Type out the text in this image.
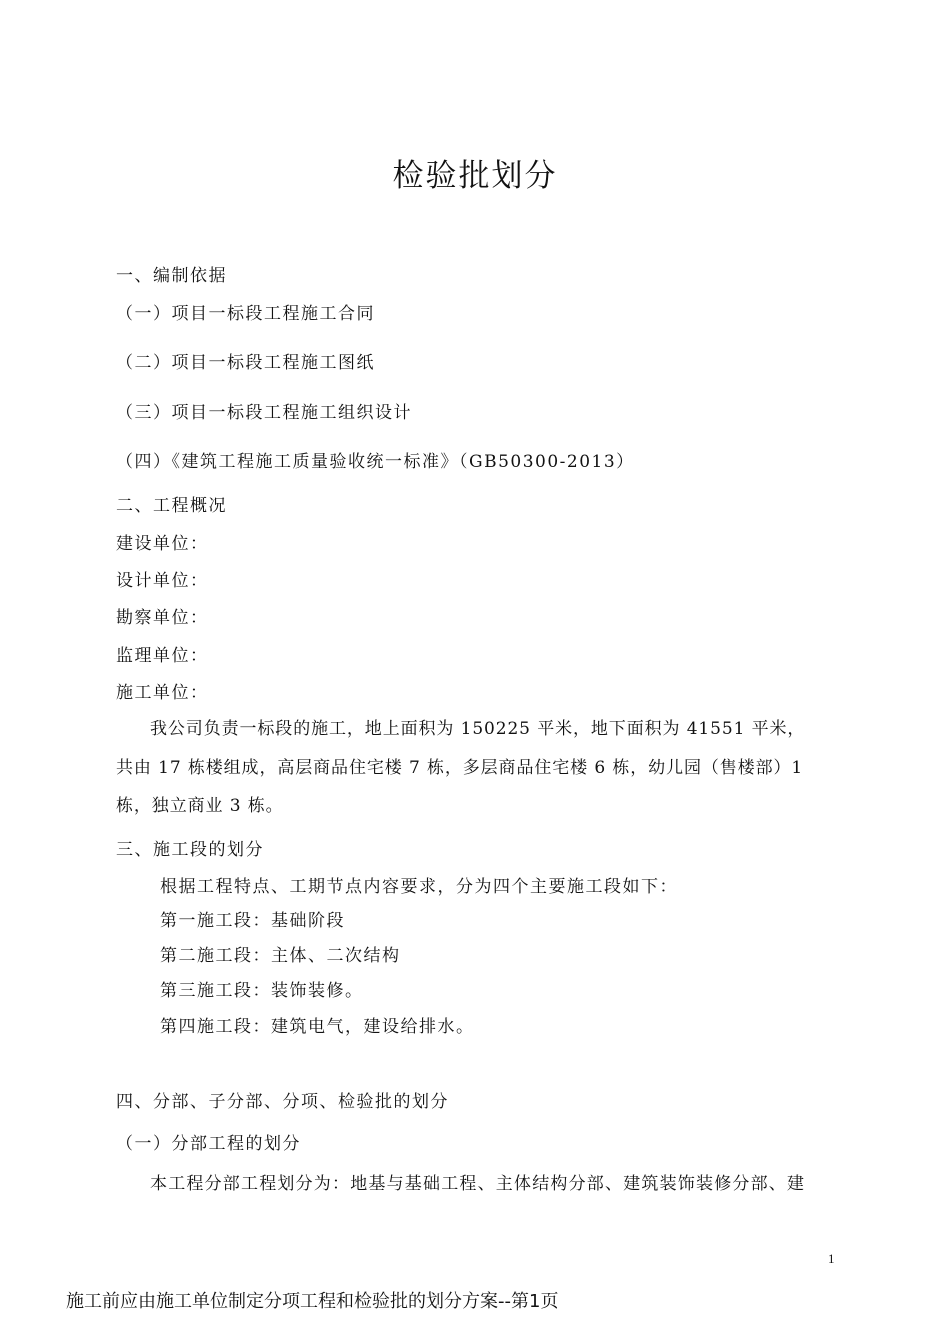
检验批划分
一、编制依据
（一）项目一标段工程施工合同
（二）项目一标段工程施工图纸
（三）项目一标段工程施工组织设计
（四）《建筑工程施工质量验收统一标准》（GB50300-2013）
二、工程概况
建设单位：
设计单位：
勘察单位：
监理单位：
施工单位：
我公司负责一标段的施工，地上面积为 150225 平米，地下面积为 41551 平米，
共由 17 栋楼组成，高层商品住宅楼 7 栋，多层商品住宅楼 6 栋，幼儿园（售楼部）1
栋，独立商业 3 栋。
三、施工段的划分
根据工程特点、工期节点内容要求，分为四个主要施工段如下：
第一施工段：基础阶段
第二施工段：主体、二次结构
第三施工段：装饰装修。
第四施工段：建筑电气，建设给排水。
四、分部、子分部、分项、检验批的划分
（一）分部工程的划分
本工程分部工程划分为：地基与基础工程、主体结构分部、建筑装饰装修分部、建
1
施工前应由施工单位制定分项工程和检验批的划分方案--第1页
